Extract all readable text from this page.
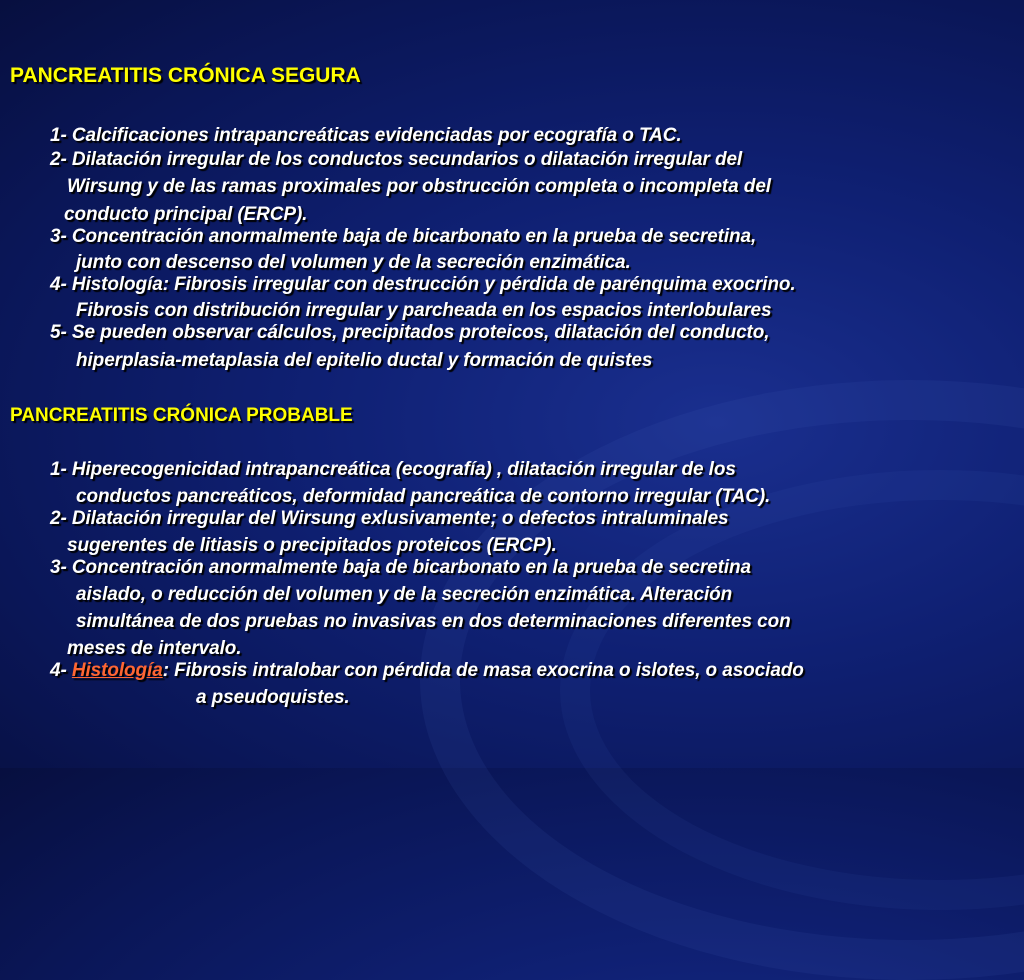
PANCREATITIS CRÓNICA SEGURA
1- Calcificaciones intrapancreáticas evidenciadas por ecografía o TAC.
2- Dilatación irregular de los conductos secundarios o dilatación irregular del
Wirsung y de las ramas proximales por obstrucción completa o incompleta del
conducto principal (ERCP).
3- Concentración anormalmente baja de bicarbonato en la prueba de secretina,
junto con descenso del volumen y de la secreción enzimática.
4- Histología: Fibrosis irregular con destrucción y pérdida de parénquima exocrino.
Fibrosis con distribución irregular y parcheada en los espacios interlobulares
5- Se pueden observar cálculos, precipitados proteicos, dilatación del conducto,
hiperplasia-metaplasia del epitelio ductal y formación de quistes
PANCREATITIS CRÓNICA PROBABLE
1- Hiperecogenicidad intrapancreática (ecografía) , dilatación irregular de los
conductos pancreáticos, deformidad pancreática de contorno irregular (TAC).
2- Dilatación irregular del Wirsung exlusivamente; o defectos intraluminales
sugerentes de litiasis o precipitados proteicos (ERCP).
3- Concentración anormalmente baja de bicarbonato en la prueba de secretina
aislado, o reducción del volumen y de la secreción enzimática. Alteración
simultánea de dos pruebas no invasivas en dos determinaciones diferentes con
meses de intervalo.
4- Histología: Fibrosis intralobar con pérdida de masa exocrina o islotes, o asociado
a pseudoquistes.
